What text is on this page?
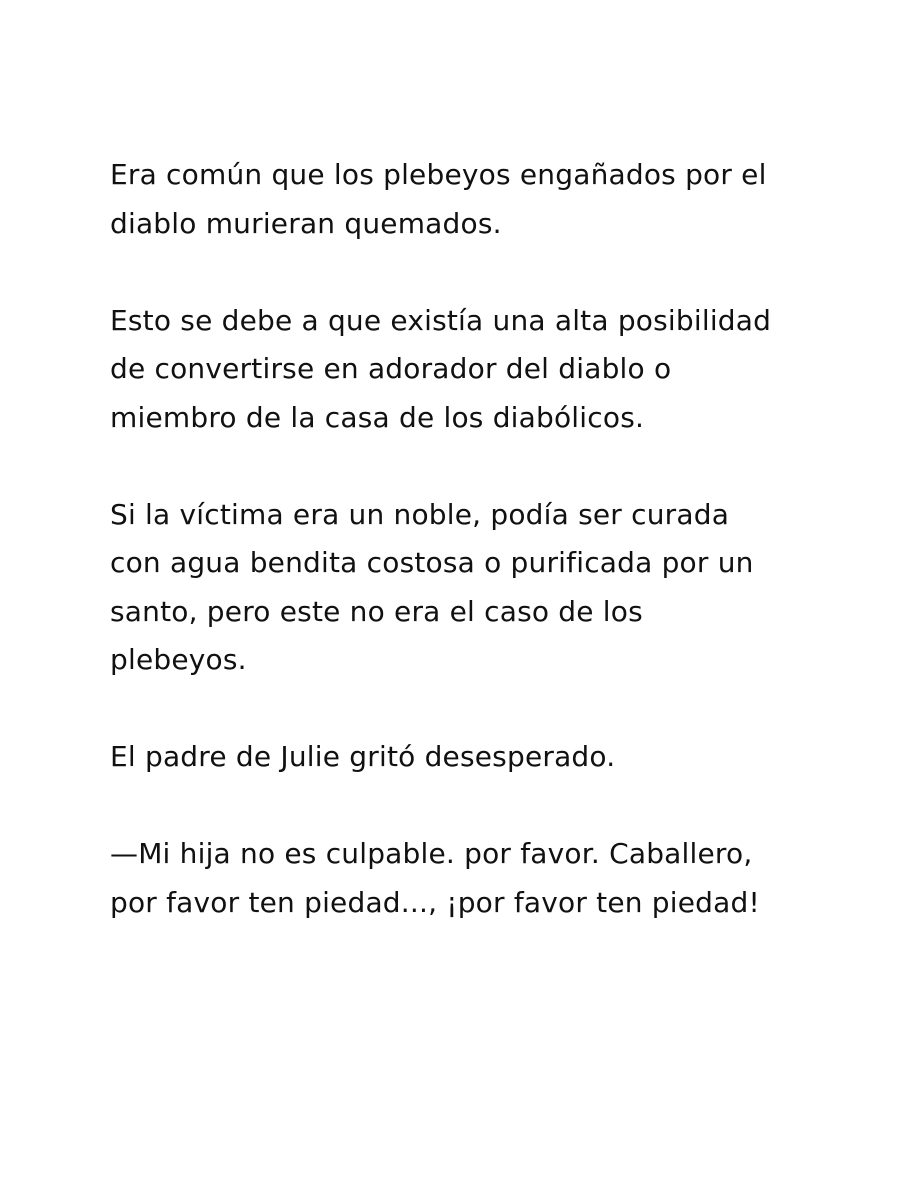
Era común que los plebeyos engañados por el
diablo murieran quemados.

Esto se debe a que existía una alta posibilidad
de convertirse en adorador del diablo o
miembro de la casa de los diabólicos.

Si la víctima era un noble, podía ser curada
con agua bendita costosa o purificada por un
santo, pero este no era el caso de los
plebeyos.

El padre de Julie gritó desesperado.

—Mi hija no es culpable. por favor. Caballero,
por favor ten piedad..., ¡por favor ten piedad!
